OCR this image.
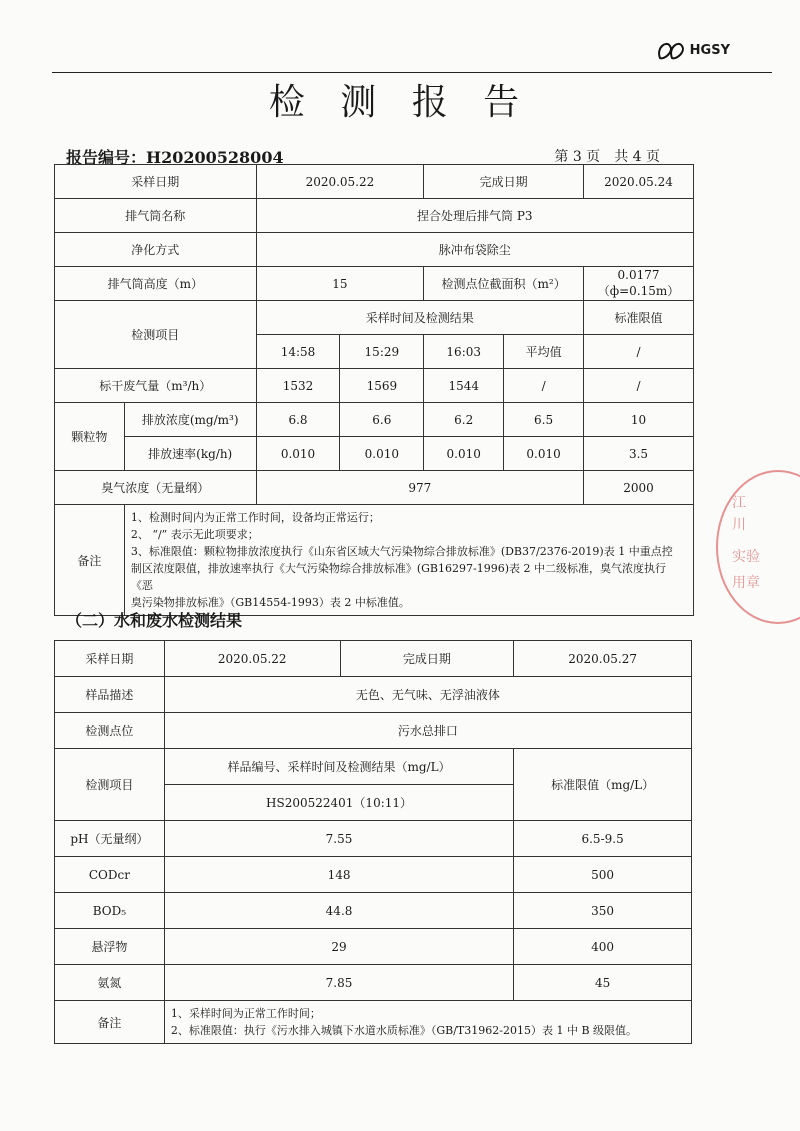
HGSY
检 测 报 告
报告编号：H20200528004	第 3 页 共 4 页
采样日期		2020.05.22		完成日期		2020.05.24
排气筒名称		捏合处理后排气筒 P3				
净化方式		脉冲布袋除尘				
排气筒高度（m）		15		检测点位截面积（m²）		0.0177（ф=0.15m）
检测项目		采样时间及检测结果				标准限值
		14:58	15:29	16:03	平均值	/
标干废气量（m³/h）		1532	1569	1544	/	/
颗粒物	排放浓度(mg/m³)	6.8	6.6	6.2	6.5	10
	排放速率(kg/h)	0.010	0.010	0.010	0.010	3.5
臭气浓度（无量纲）		977				2000
备注	1、检测时间内为正常工作时间，设备均正常运行；
2、 “/” 表示无此项要求；
3、标准限值：颗粒物排放浓度执行《山东省区域大气污染物综合排放标准》(DB37/2376-2019)表 1 中重点控
制区浓度限值，排放速率执行《大气污染物综合排放标准》(GB16297-1996)表 2 中二级标准，臭气浓度执行《恶
臭污染物排放标准》（GB14554-1993）表 2 中标准值。					
（二）水和废水检测结果
采样日期	2020.05.22	完成日期	2020.05.27
样品描述	无色、无气味、无浮油液体		
检测点位	污水总排口		
检测项目	样品编号、采样时间及检测结果（mg/L）		标准限值（mg/L）
	HS200522401（10:11）		
pH（无量纲）	7.55		6.5-9.5
CODcr	148		500
BOD₅	44.8		350
悬浮物	29		400
氨氮	7.85		45
备注	1、采样时间为正常工作时间；
2、标准限值：执行《污水排入城镇下水道水质标准》（GB/T31962-2015）表 1 中 B 级限值。		
江
川
实验
用章
